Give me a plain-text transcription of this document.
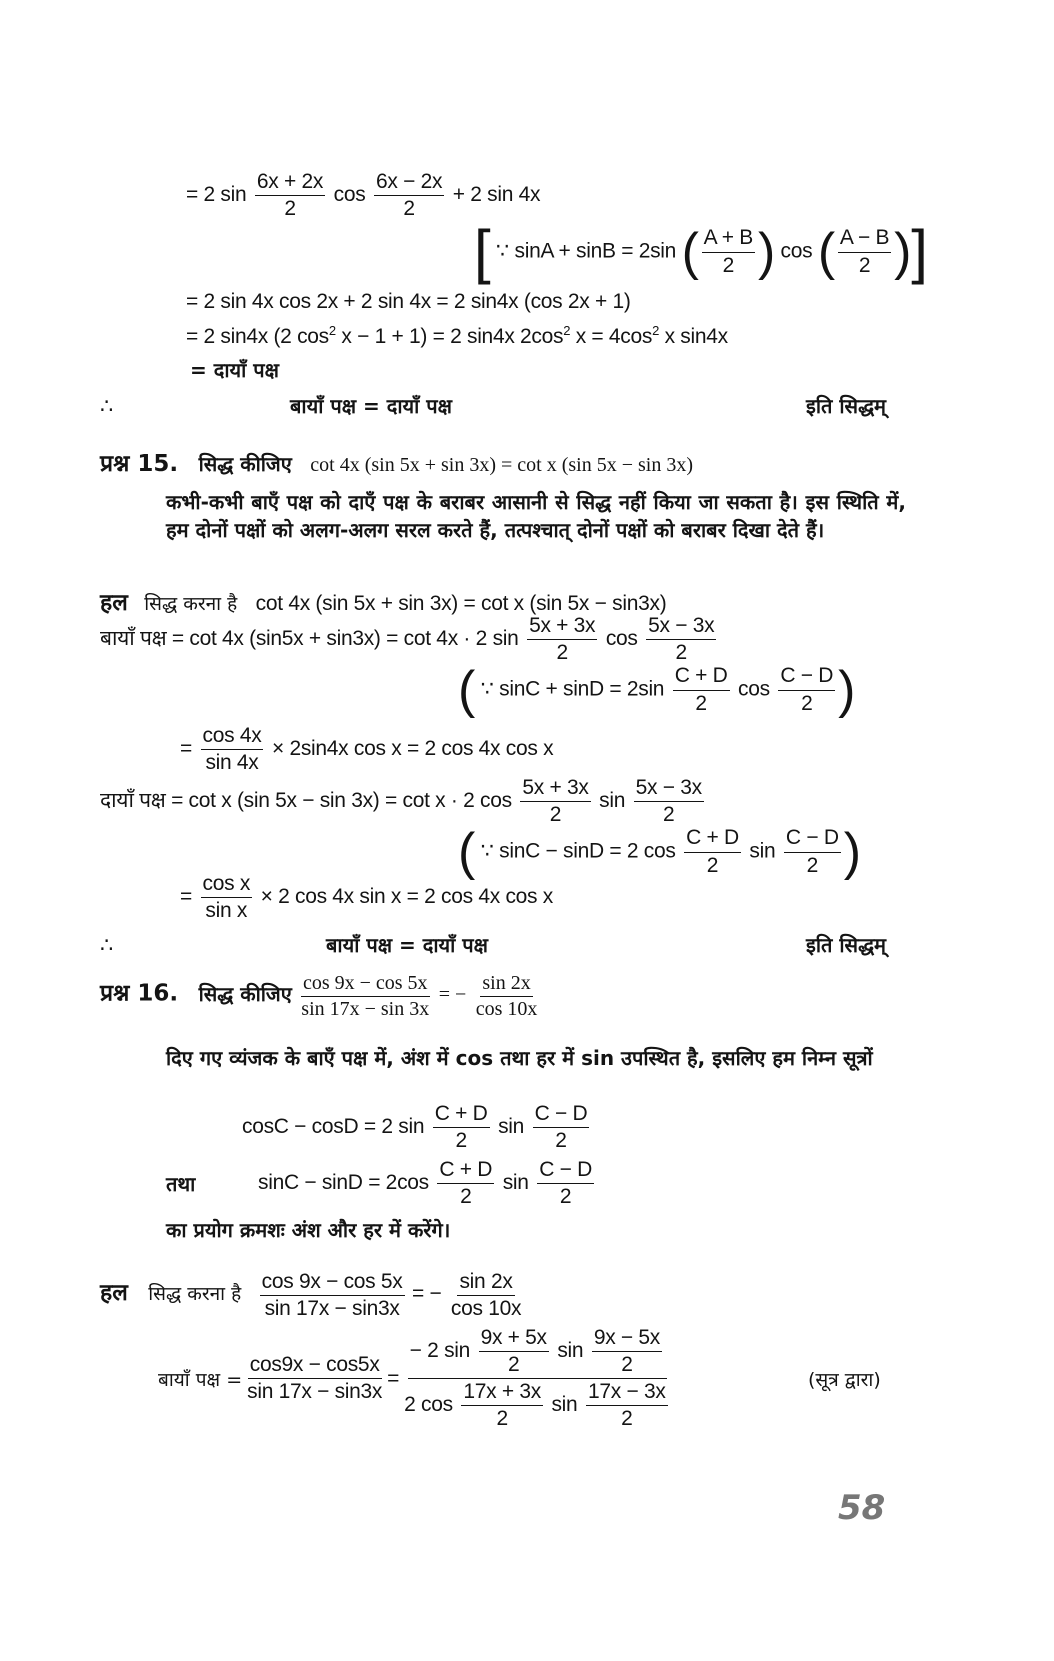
= 2 $\sin \frac{6x + 2x}{2}$ $\cos \frac{6x - 2x}{2} + 2$ sin 4x
[ ∵ sinA + sinB = 2sin ( $\frac{A + B}{2}$ ) cos ( $\frac{A - B}{2}$ )]
= 2 sin 4x cos 2x + 2 sin 4x = 2 sin4x (cos 2x + 1)
= 2 sin4x (2 $\cos^2 x - 1 + 1) = 2$ sin4x $2\cos^2$ $x = 4\cos^2$ x sin4x
= दायाँ पक्ष
∴	बायाँ पक्ष = दायाँ पक्ष	इति सिद्धम्
प्रश्न 15. सिद्ध कीजिए cot 4x (sin 5x + sin 3x) = cot x (sin 5x − sin 3x)
कभी-कभी बाएँ पक्ष को दाएँ पक्ष के बराबर आसानी से सिद्ध नहीं किया जा सकता है। इस स्थिति में, हम दोनों पक्षों को अलग-अलग सरल करते हैं, तत्पश्चात् दोनों पक्षों को बराबर दिखा देते हैं।
हल सिद्ध करना है cot 4x (sin 5x + sin 3x) = cot x (sin 5x − sin3x)
बायाँ पक्ष = cot 4x (sin5x + sin3x) = cot 4x · 2 $\sin \frac{5x + 3x}{2}$ $\cos \frac{5x - 3x}{2}$
( ∵ $\sin C + \sin D = 2\sin \frac{C + D}{2}$ $\cos \frac{C - D}{2}$ )
= $\frac{\cos 4x}{\sin 4x} \times 2\sin 4x$ cos x = 2 cos 4x cos x
दायाँ पक्ष = cot x (sin 5x − sin 3x) = cot x · 2 $\cos \frac{5x + 3x}{2}$ $\sin \frac{5x - 3x}{2}$
( ∵ sinC − sinD = 2 $\cos \frac{C + D}{2}$ $\sin \frac{C - D}{2}$ )
= $\frac{\text{cos x}}{\text{sin x}} \times 2$ cos 4x sin x = 2 cos 4x cos x
∴	बायाँ पक्ष = दायाँ पक्ष	इति सिद्धम्
प्रश्न 16. सिद्ध कीजिए $\frac{\cos 9x - \cos 5x}{\sin 17x - \sin 3x}$ = − $\frac{\sin 2x}{\cos 10x}$
दिए गए व्यंजक के बाएँ पक्ष में, अंश में cos तथा हर में sin उपस्थित है, इसलिए हम निम्न सूत्रों
cosC − cosD = 2 $\sin \frac{C + D}{2}$ $\sin \frac{C - D}{2}$
तथा	$\sin C - \sin D = 2\cos \frac{C + D}{2}$ $\sin \frac{C - D}{2}$
का प्रयोग क्रमशः अंश और हर में करेंगे।
हल सिद्ध करना है $\frac{\cos 9x - \cos 5x}{\sin 17x - \sin 3x}$ = − $\frac{\sin 2x}{\cos 10x}$
बायाँ पक्ष = $\frac{\cos 9x - \cos 5x}{\sin 17x - \sin 3x} = \frac{- 2 \sin \frac{9x + 5x}{2} \sin \frac{9x - 5x}{2}}{2 \cos \frac{17x + 3x}{2} \sin \frac{17x - 3x}{2}}$	(सूत्र द्वारा)
58
